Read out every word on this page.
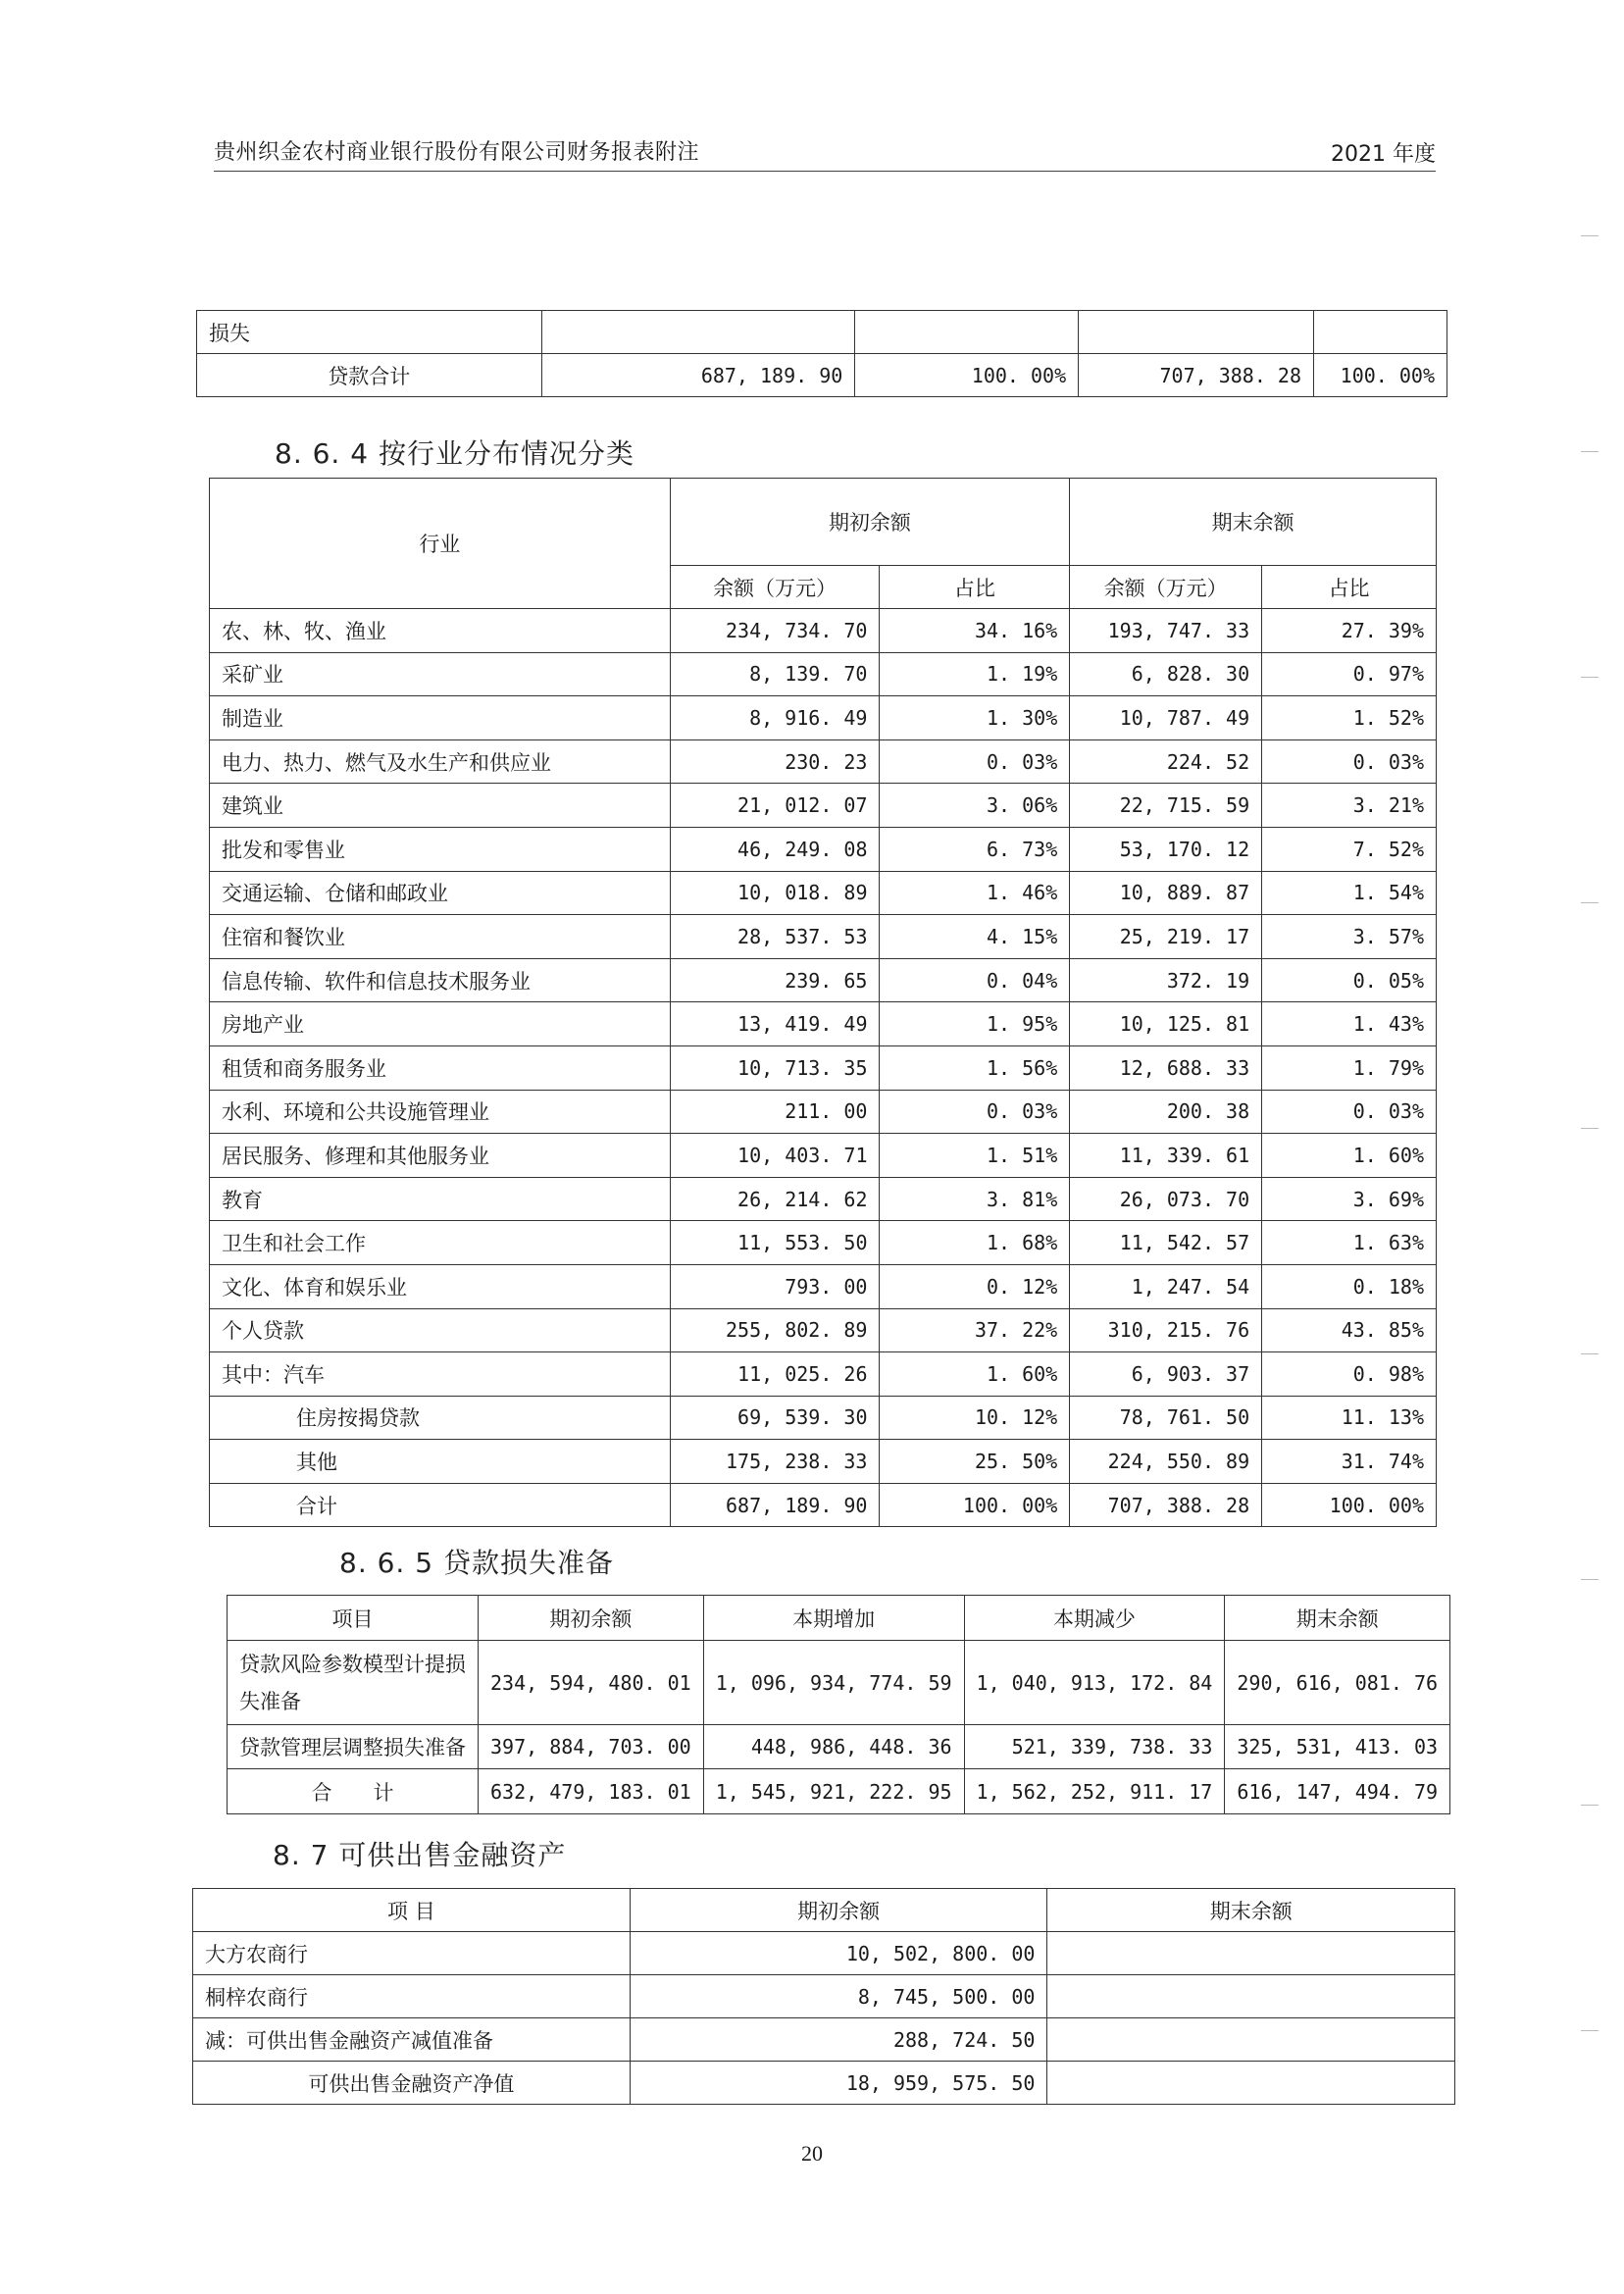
贵州织金农村商业银行股份有限公司财务报表附注	2021 年度
损失				
贷款合计	687, 189. 90	100. 00%	707, 388. 28	100. 00%
8. 6. 4 按行业分布情况分类
行业	期初余额		期末余额	
	余额（万元）	占比	余额（万元）	占比
农、林、牧、渔业	234, 734. 70	34. 16%	193, 747. 33	27. 39%
采矿业	8, 139. 70	1. 19%	6, 828. 30	0. 97%
制造业	8, 916. 49	1. 30%	10, 787. 49	1. 52%
电力、热力、燃气及水生产和供应业	230. 23	0. 03%	224. 52	0. 03%
建筑业	21, 012. 07	3. 06%	22, 715. 59	3. 21%
批发和零售业	46, 249. 08	6. 73%	53, 170. 12	7. 52%
交通运输、仓储和邮政业	10, 018. 89	1. 46%	10, 889. 87	1. 54%
住宿和餐饮业	28, 537. 53	4. 15%	25, 219. 17	3. 57%
信息传输、软件和信息技术服务业	239. 65	0. 04%	372. 19	0. 05%
房地产业	13, 419. 49	1. 95%	10, 125. 81	1. 43%
租赁和商务服务业	10, 713. 35	1. 56%	12, 688. 33	1. 79%
水利、环境和公共设施管理业	211. 00	0. 03%	200. 38	0. 03%
居民服务、修理和其他服务业	10, 403. 71	1. 51%	11, 339. 61	1. 60%
教育	26, 214. 62	3. 81%	26, 073. 70	3. 69%
卫生和社会工作	11, 553. 50	1. 68%	11, 542. 57	1. 63%
文化、体育和娱乐业	793. 00	0. 12%	1, 247. 54	0. 18%
个人贷款	255, 802. 89	37. 22%	310, 215. 76	43. 85%
其中：汽车	11, 025. 26	1. 60%	6, 903. 37	0. 98%
住房按揭贷款	69, 539. 30	10. 12%	78, 761. 50	11. 13%
其他	175, 238. 33	25. 50%	224, 550. 89	31. 74%
合计	687, 189. 90	100. 00%	707, 388. 28	100. 00%
8. 6. 5 贷款损失准备
项目	期初余额	本期增加	本期减少	期末余额
贷款风险参数模型计提损失准备	234, 594, 480. 01	1, 096, 934, 774. 59	1, 040, 913, 172. 84	290, 616, 081. 76
贷款管理层调整损失准备	397, 884, 703. 00	448, 986, 448. 36	521, 339, 738. 33	325, 531, 413. 03
合　　计	632, 479, 183. 01	1, 545, 921, 222. 95	1, 562, 252, 911. 17	616, 147, 494. 79
8. 7 可供出售金融资产
项 目	期初余额	期末余额
大方农商行	10, 502, 800. 00	
桐梓农商行	8, 745, 500. 00	
减：可供出售金融资产减值准备	288, 724. 50	
可供出售金融资产净值	18, 959, 575. 50	
20
